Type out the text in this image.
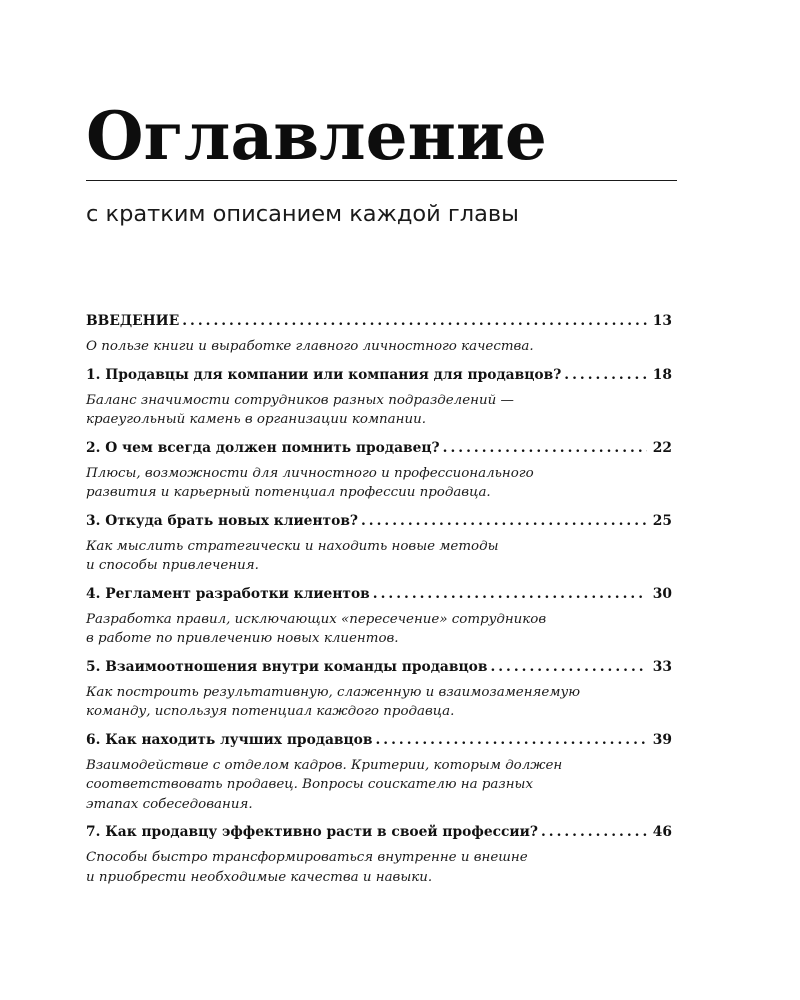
Оглавление

с кратким описанием каждой главы

ВВЕДЕНИЕ . . .	13

О пользе книги и выработке главного личностного качества.

1. Продавцы для компании или компания для продавцов? . . .	18

Баланс значимости сотрудников разных подразделений —
краеугольный камень в организации компании.

2. О чем всегда должен помнить продавец? . . .	22

Плюсы, возможности для личностного и профессионального
развития и карьерный потенциал профессии продавца.

3. Откуда брать новых клиентов? . . .	25

Как мыслить стратегически и находить новые методы
и способы привлечения.

4. Регламент разработки клиентов . . .	30

Разработка правил, исключающих «пересечение» сотрудников
в работе по привлечению новых клиентов.

5. Взаимоотношения внутри команды продавцов . . .	33

Как построить результативную, слаженную и взаимозаменяемую
команду, используя потенциал каждого продавца.

6. Как находить лучших продавцов . . .	39

Взаимодействие с отделом кадров. Критерии, которым должен
соответствовать продавец. Вопросы соискателю на разных
этапах собеседования.

7. Как продавцу эффективно расти в своей профессии? . . .	46

Способы быстро трансформироваться внутренне и внешне
и приобрести необходимые качества и навыки.
